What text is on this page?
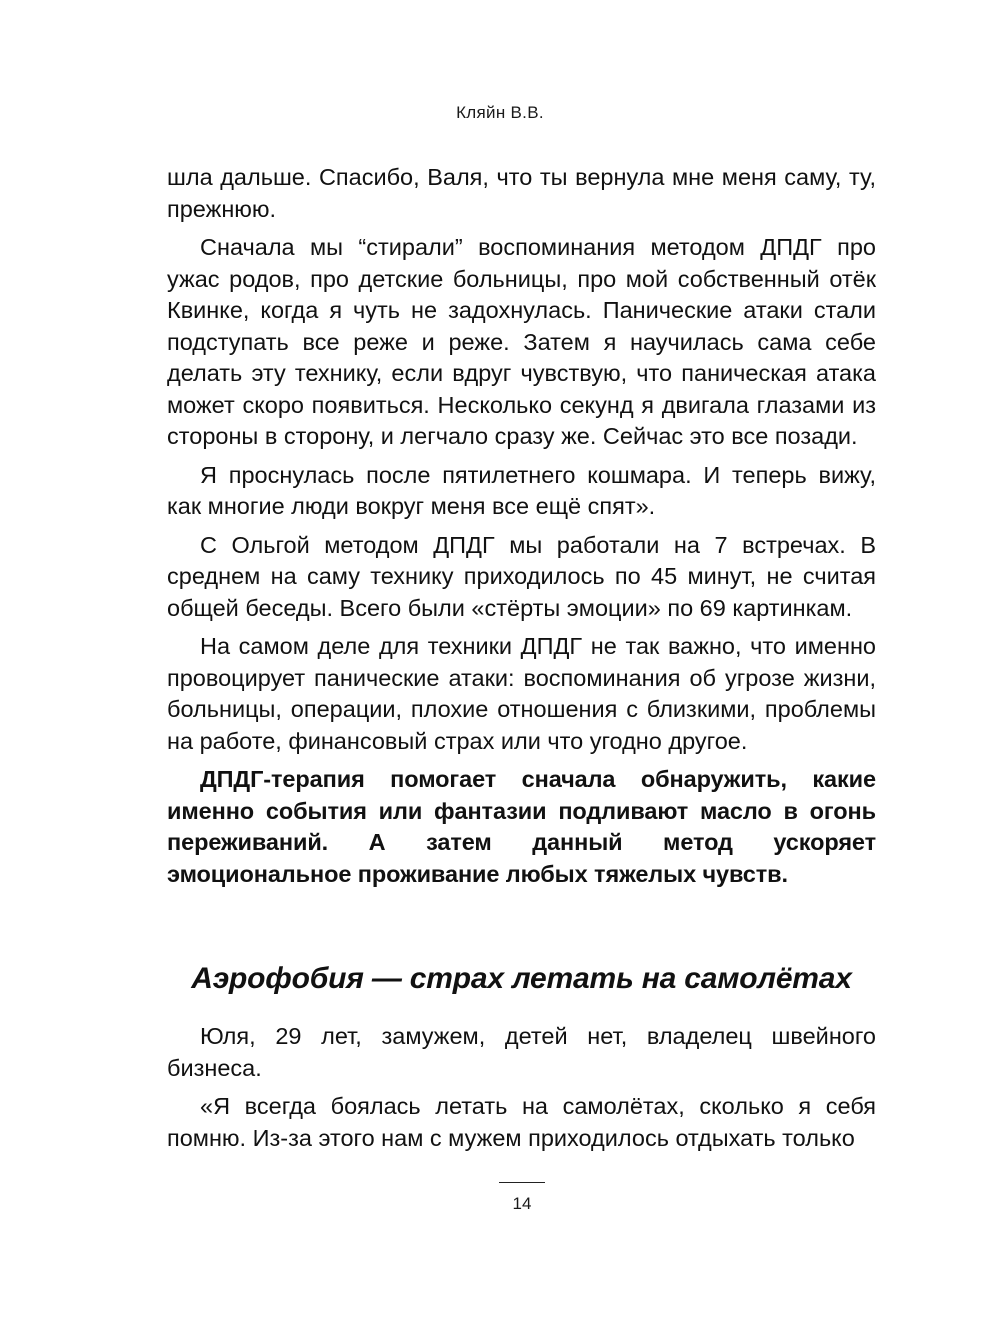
Кляйн В.В.

шла дальше. Спасибо, Валя, что ты вернула мне меня саму, ту, прежнюю.

Сначала мы “стирали” воспоминания методом ДПДГ про ужас родов, про детские больницы, про мой собственный отёк Квинке, когда я чуть не задохнулась. Панические атаки стали подступать все реже и реже. Затем я научилась сама себе делать эту технику, если вдруг чувствую, что паническая атака может скоро появиться. Несколько секунд я двигала глазами из стороны в сторону, и легчало сразу же. Сейчас это все позади.

Я проснулась после пятилетнего кошмара. И теперь вижу, как многие люди вокруг меня все ещё спят».

С Ольгой методом ДПДГ мы работали на 7 встречах. В среднем на саму технику приходилось по 45 минут, не считая общей беседы. Всего были «стёрты эмоции» по 69 картинкам.

На самом деле для техники ДПДГ не так важно, что именно провоцирует панические атаки: воспоминания об угрозе жизни, больницы, операции, плохие отношения с близкими, проблемы на работе, финансовый страх или что угодно другое.

ДПДГ-терапия помогает сначала обнаружить, какие именно события или фантазии подливают масло в огонь переживаний. А затем данный метод ускоряет эмоциональное проживание любых тяжелых чувств.

Аэрофобия — страх летать на самолётах

Юля, 29 лет, замужем, детей нет, владелец швейного бизнеса.

«Я всегда боялась летать на самолётах, сколько я себя помню. Из-за этого нам с мужем приходилось отдыхать только

14
